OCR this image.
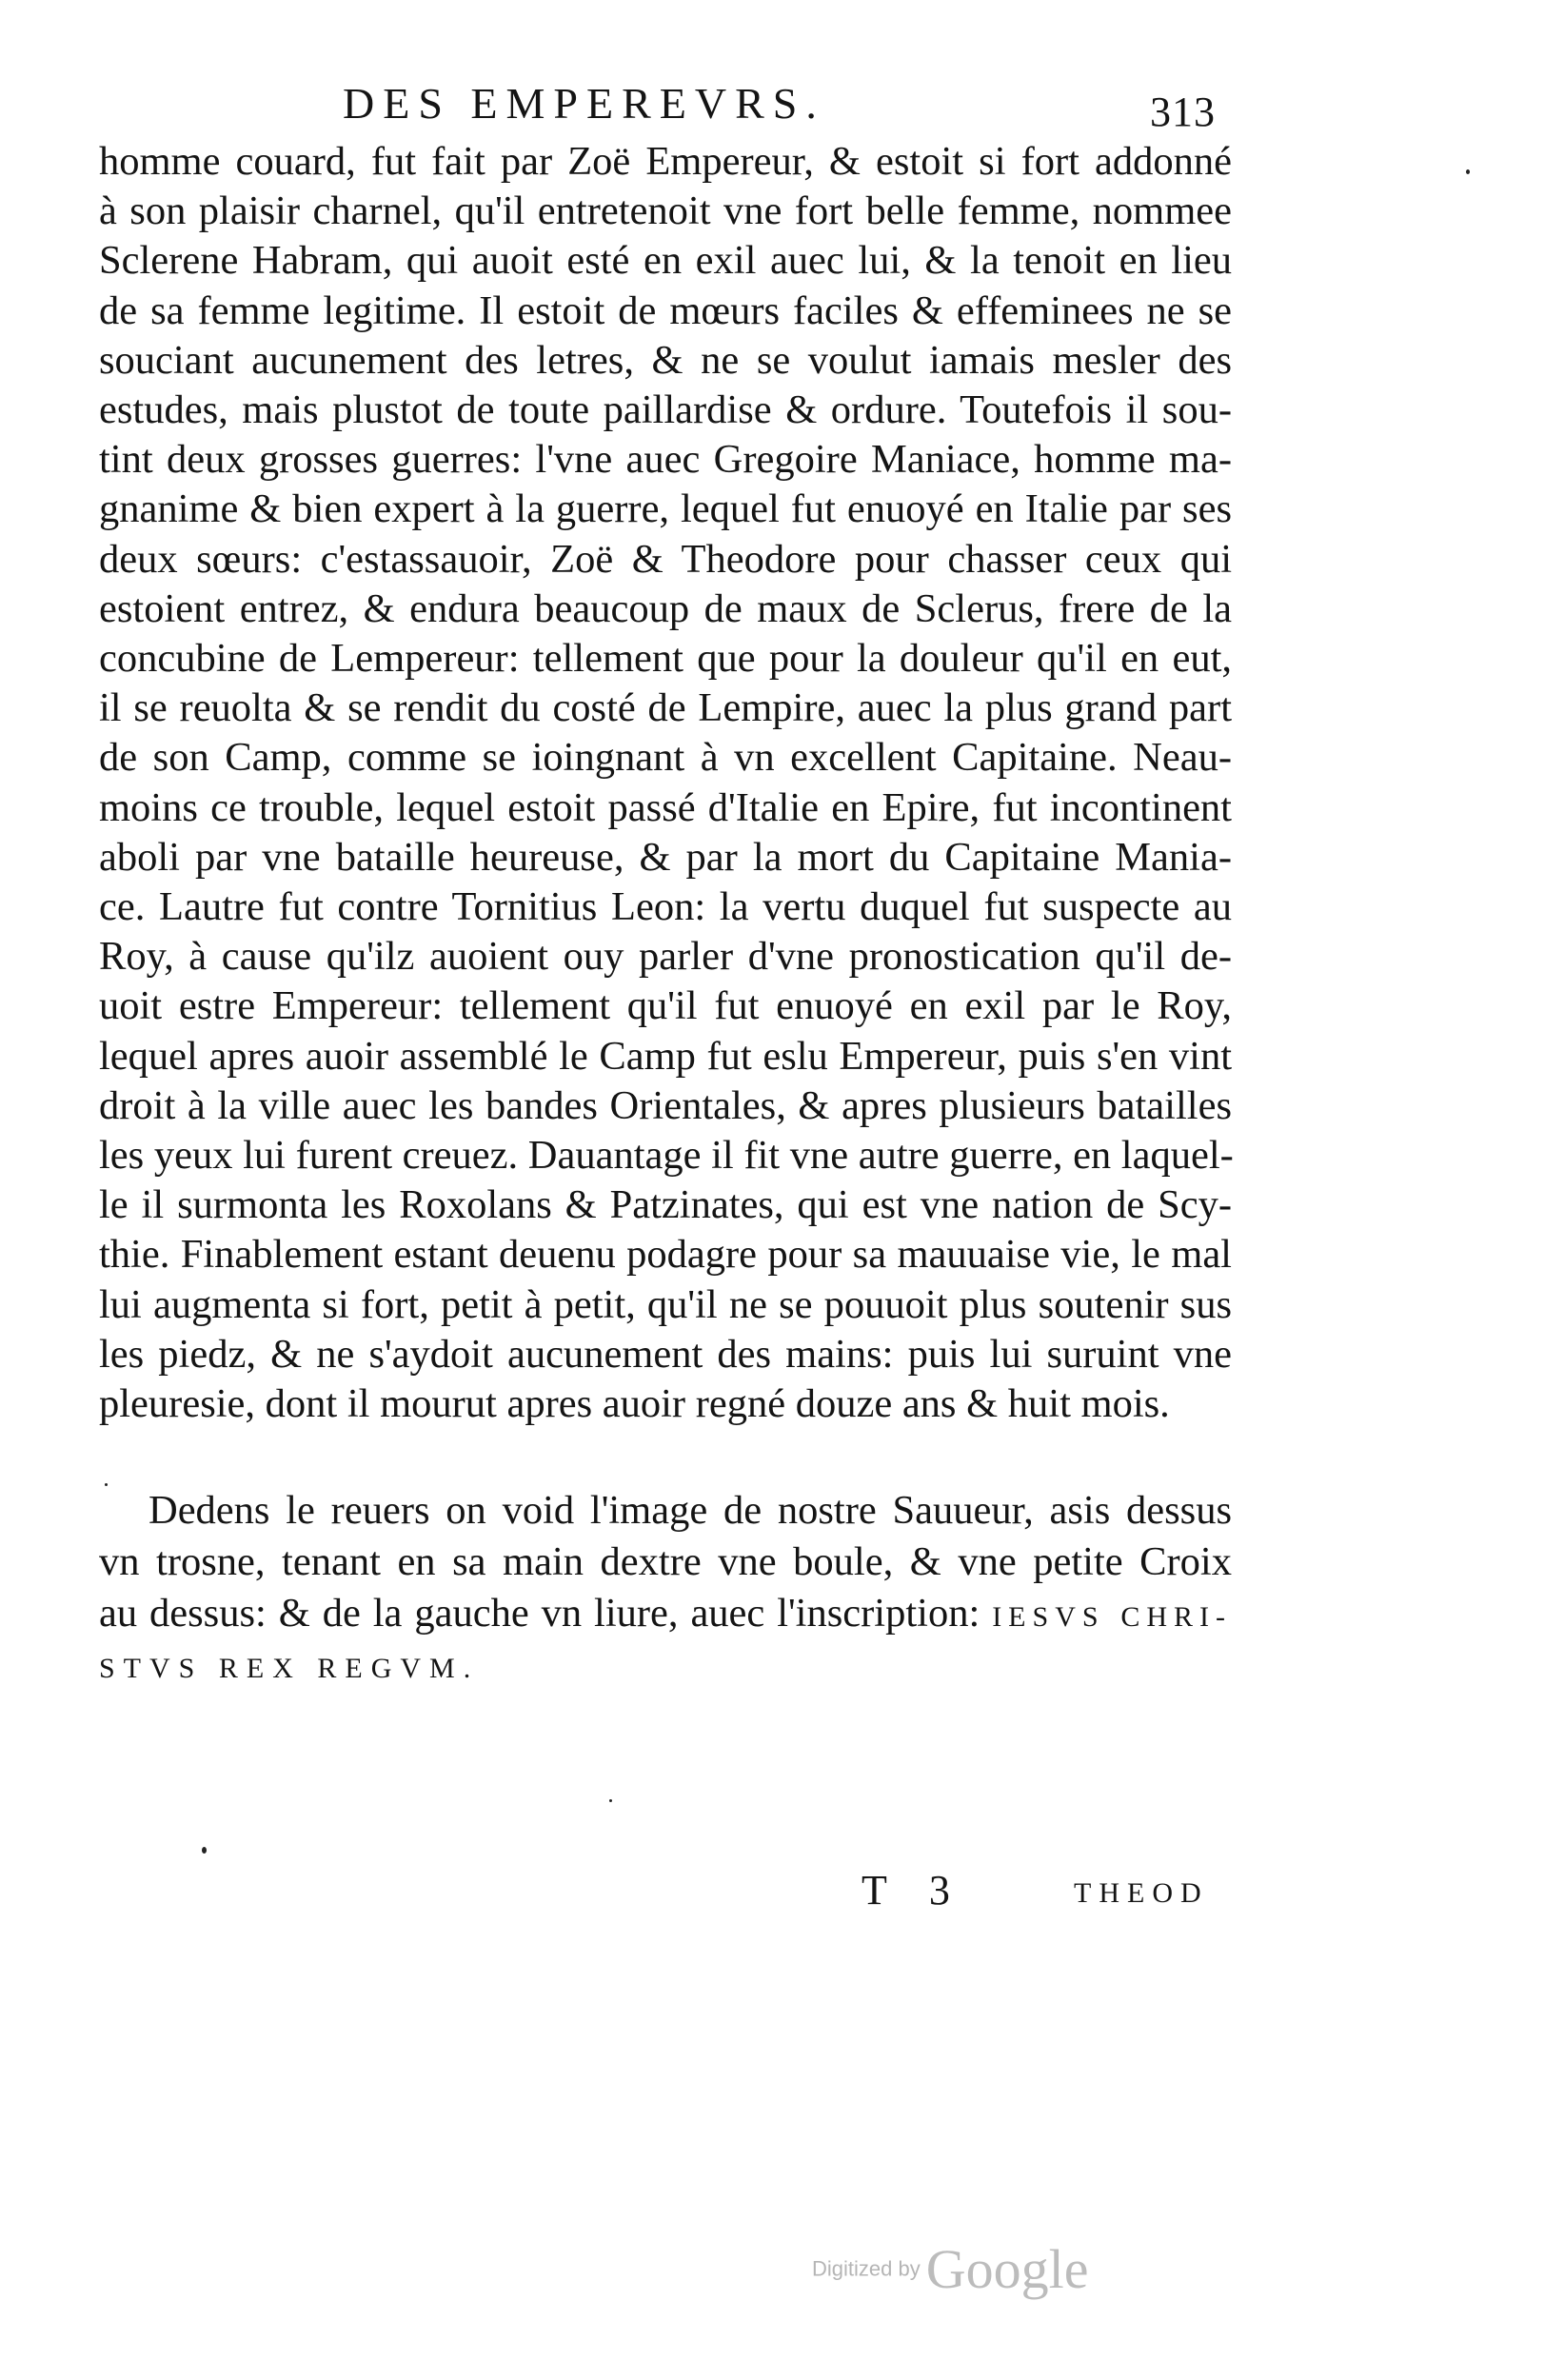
DES EMPEREVRS.	313
homme couard, fut fait par Zoë Empereur, & estoit si fort addonné
à son plaisir charnel, qu'il entretenoit vne fort belle femme, nommee
Sclerene Habram, qui auoit esté en exil auec lui, & la tenoit en lieu
de sa femme legitime. Il estoit de mœurs faciles & effeminees ne se
souciant aucunement des letres, & ne se voulut iamais mesler des
estudes, mais plustot de toute paillardise & ordure. Toutefois il sou-
tint deux grosses guerres: l'vne auec Gregoire Maniace, homme ma-
gnanime & bien expert à la guerre, lequel fut enuoyé en Italie par ses
deux sœurs: c'estassauoir, Zoë & Theodore pour chasser ceux qui
estoient entrez, & endura beaucoup de maux de Sclerus, frere de la
concubine de Lempereur: tellement que pour la douleur qu'il en eut,
il se reuolta & se rendit du costé de Lempire, auec la plus grand part
de son Camp, comme se ioingnant à vn excellent Capitaine. Neau-
moins ce trouble, lequel estoit passé d'Italie en Epire, fut incontinent
aboli par vne bataille heureuse, & par la mort du Capitaine Mania-
ce. Lautre fut contre Tornitius Leon: la vertu duquel fut suspecte au
Roy, à cause qu'ilz auoient ouy parler d'vne pronostication qu'il de-
uoit estre Empereur: tellement qu'il fut enuoyé en exil par le Roy,
lequel apres auoir assemblé le Camp fut eslu Empereur, puis s'en vint
droit à la ville auec les bandes Orientales, & apres plusieurs batailles
les yeux lui furent creuez. Dauantage il fit vne autre guerre, en laquel-
le il surmonta les Roxolans & Patzinates, qui est vne nation de Scy-
thie. Finablement estant deuenu podagre pour sa mauuaise vie, le mal
lui augmenta si fort, petit à petit, qu'il ne se pouuoit plus soutenir sus
les piedz, & ne s'aydoit aucunement des mains: puis lui suruint vne
pleuresie, dont il mourut apres auoir regné douze ans & huit mois.
Dedens le reuers on void l'image de nostre Sauueur, asis dessus
vn trosne, tenant en sa main dextre vne boule, & vne petite Croix
au dessus: & de la gauche vn liure, auec l'inscription: IESVS CHRI-
STVS REX REGVM.
T 3	THEOD
Digitized by Google
